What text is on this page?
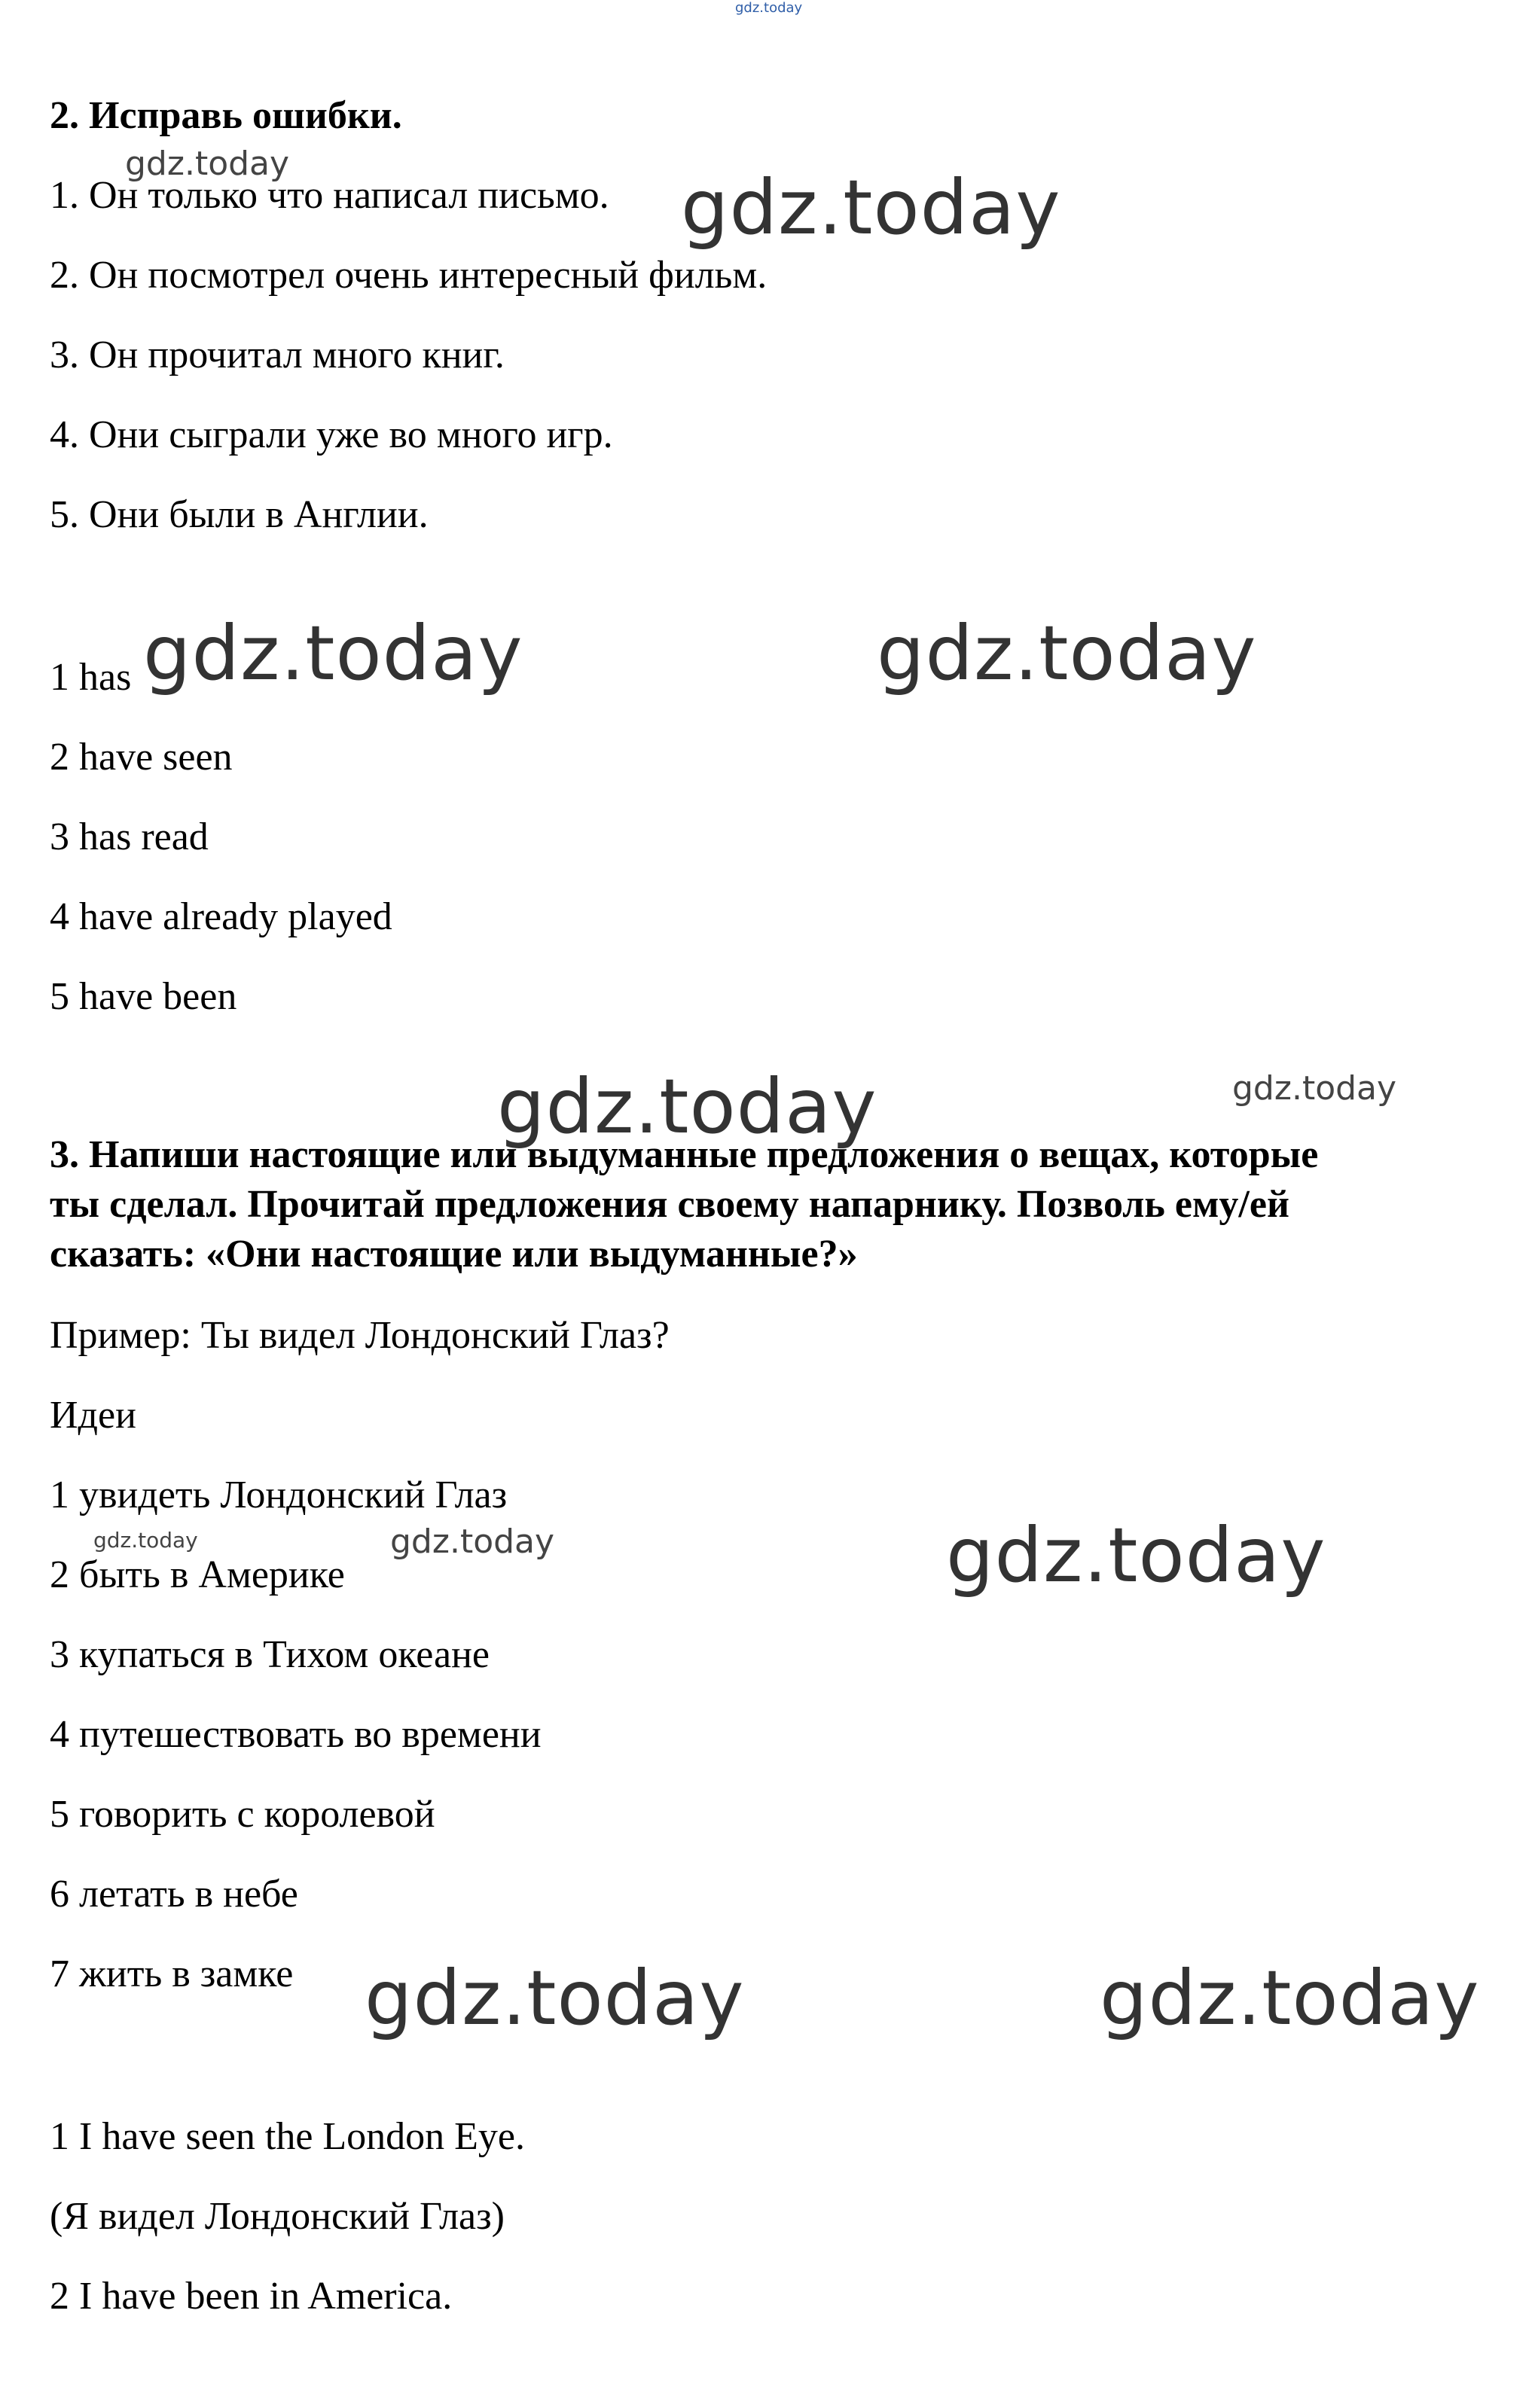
gdz.today
2. Исправь ошибки.
1. Он только что написал письмо.
2. Он посмотрел очень интересный фильм.
3. Он прочитал много книг.
4. Они сыграли уже во много игр.
5. Они были в Англии.
1 has
2 have seen
3 has read
4 have already played
5 have been
3. Напиши настоящие или выдуманные предложения о вещах, которые
ты сделал. Прочитай предложения своему напарнику. Позволь ему/ей
сказать: «Они настоящие или выдуманные?»
Пример: Ты видел Лондонский Глаз?
Идеи
1 увидеть Лондонский Глаз
2 быть в Америке
3 купаться в Тихом океане
4 путешествовать во времени
5 говорить с королевой
6 летать в небе
7 жить в замке
1 I have seen the London Eye.
(Я видел Лондонский Глаз)
2 I have been in America.
gdz.today	gdz.today
gdz.today	gdz.today
gdz.today	gdz.today
gdz.today	gdz.today	gdz.today
gdz.today	gdz.today
